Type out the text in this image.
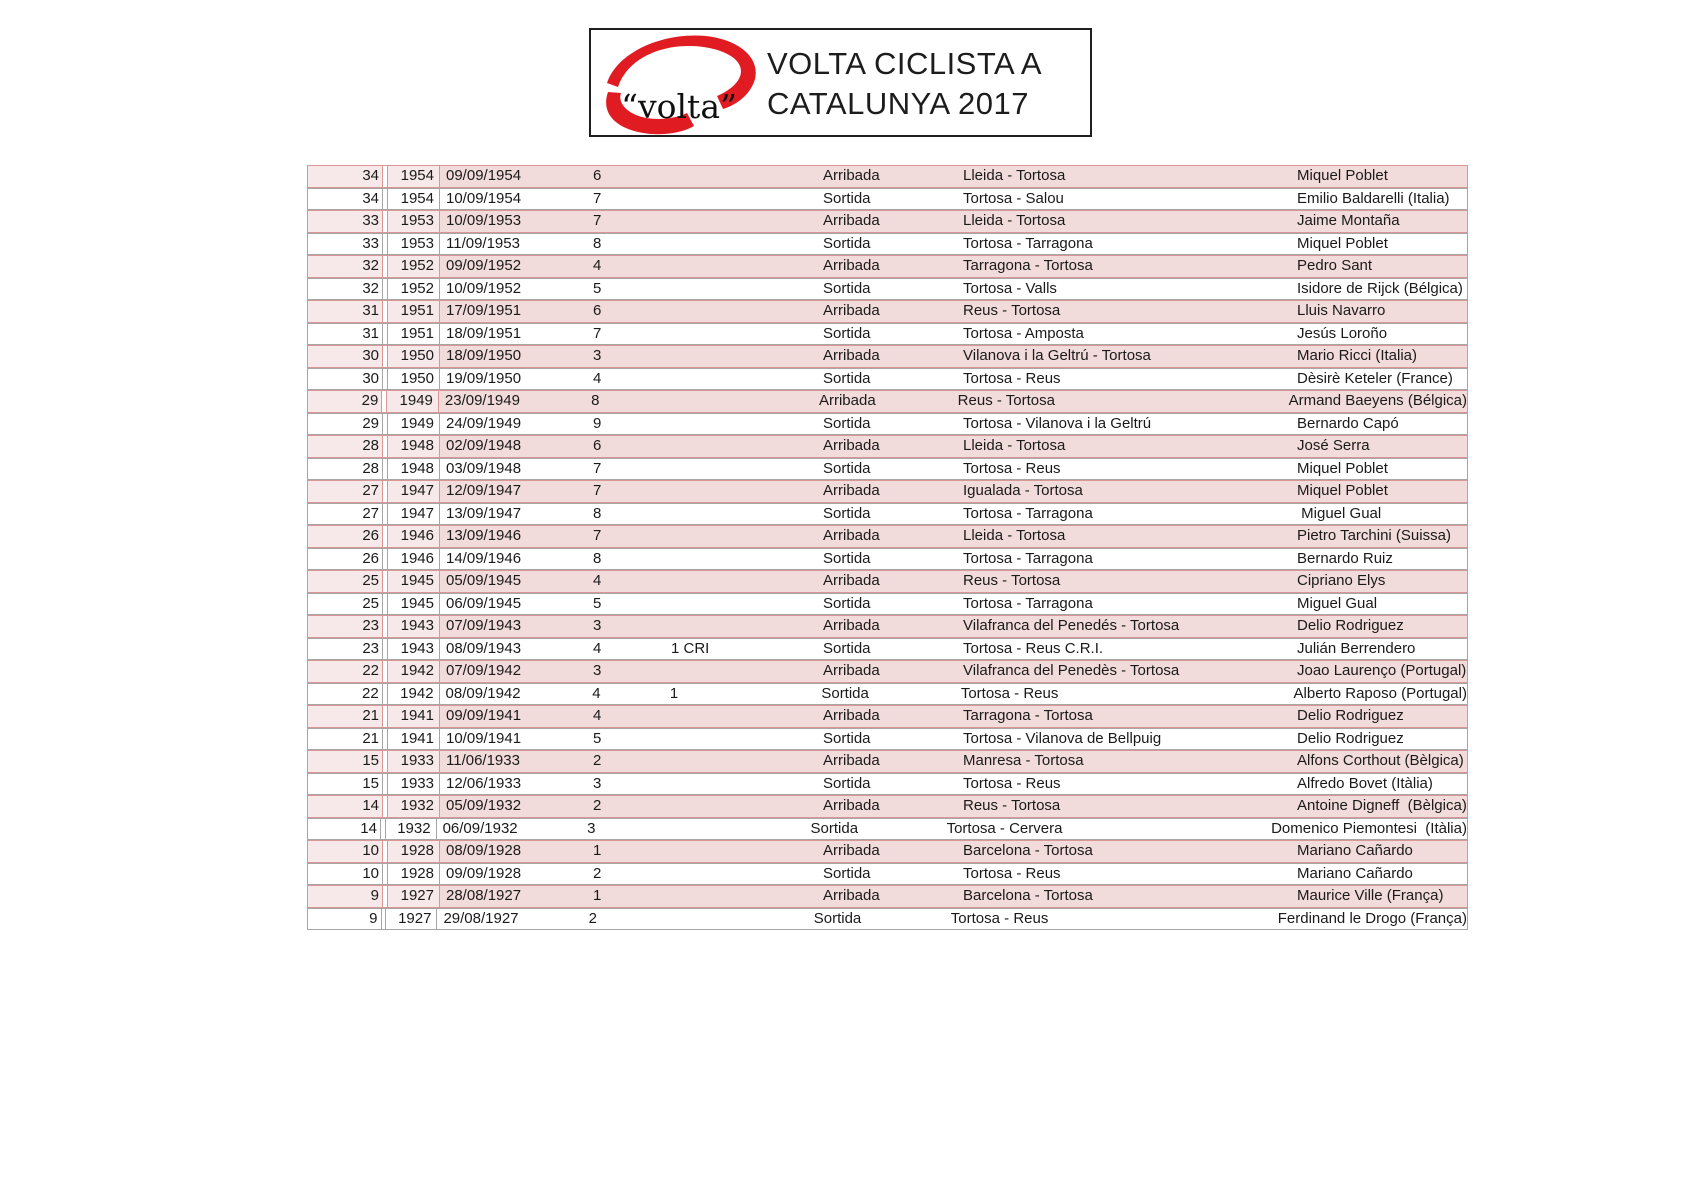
“volta”
VOLTA CICLISTA A
CATALUNYA 2017
34	1954 09/09/1954	6	Arribada	Lleida - Tortosa	Miquel Poblet
34	1954 10/09/1954	7	Sortida	Tortosa - Salou	Emilio Baldarelli (Italia)
33	1953 10/09/1953	7	Arribada	Lleida - Tortosa	Jaime Montaña
33	1953 11/09/1953	8	Sortida	Tortosa - Tarragona	Miquel Poblet
32	1952 09/09/1952	4	Arribada	Tarragona - Tortosa	Pedro Sant
32	1952 10/09/1952	5	Sortida	Tortosa - Valls	Isidore de Rijck (Bélgica)
31	1951 17/09/1951	6	Arribada	Reus - Tortosa	Lluis Navarro
31	1951 18/09/1951	7	Sortida	Tortosa - Amposta	Jesús Loroño
30	1950 18/09/1950	3	Arribada	Vilanova i la Geltrú - Tortosa	Mario Ricci (Italia)
30	1950 19/09/1950	4	Sortida	Tortosa - Reus	Dèsirè Keteler (France)
29	1949 23/09/1949	8	Arribada	Reus - Tortosa	Armand Baeyens (Bélgica)
29	1949 24/09/1949	9	Sortida	Tortosa - Vilanova i la Geltrú	Bernardo Capó
28	1948 02/09/1948	6	Arribada	Lleida - Tortosa	José Serra
28	1948 03/09/1948	7	Sortida	Tortosa - Reus	Miquel Poblet
27	1947 12/09/1947	7	Arribada	Igualada - Tortosa	Miquel Poblet
27	1947 13/09/1947	8	Sortida	Tortosa - Tarragona	Miguel Gual
26	1946 13/09/1946	7	Arribada	Lleida - Tortosa	Pietro Tarchini (Suissa)
26	1946 14/09/1946	8	Sortida	Tortosa - Tarragona	Bernardo Ruiz
25	1945 05/09/1945	4	Arribada	Reus - Tortosa	Cipriano Elys
25	1945 06/09/1945	5	Sortida	Tortosa - Tarragona	Miguel Gual
23	1943 07/09/1943	3	Arribada	Vilafranca del Penedés - Tortosa	Delio Rodriguez
23	1943 08/09/1943	4	1 CRI	Sortida	Tortosa - Reus C.R.I.	Julián Berrendero
22	1942 07/09/1942	3	Arribada	Vilafranca del Penedès - Tortosa	Joao Laurenço (Portugal)
22	1942 08/09/1942	4	1	Sortida	Tortosa - Reus	Alberto Raposo (Portugal)
21	1941 09/09/1941	4	Arribada	Tarragona - Tortosa	Delio Rodriguez
21	1941 10/09/1941	5	Sortida	Tortosa - Vilanova de Bellpuig	Delio Rodriguez
15	1933 11/06/1933	2	Arribada	Manresa - Tortosa	Alfons Corthout (Bèlgica)
15	1933 12/06/1933	3	Sortida	Tortosa - Reus	Alfredo Bovet (Itàlia)
14	1932 05/09/1932	2	Arribada	Reus - Tortosa	Antoine Digneff  (Bèlgica)
14	1932 06/09/1932	3	Sortida	Tortosa - Cervera	Domenico Piemontesi  (Itàlia)
10	1928 08/09/1928	1	Arribada	Barcelona - Tortosa	Mariano Cañardo
10	1928 09/09/1928	2	Sortida	Tortosa - Reus	Mariano Cañardo
9	1927 28/08/1927	1	Arribada	Barcelona - Tortosa	Maurice Ville (França)
9	1927 29/08/1927	2	Sortida	Tortosa - Reus	Ferdinand le Drogo (França)
